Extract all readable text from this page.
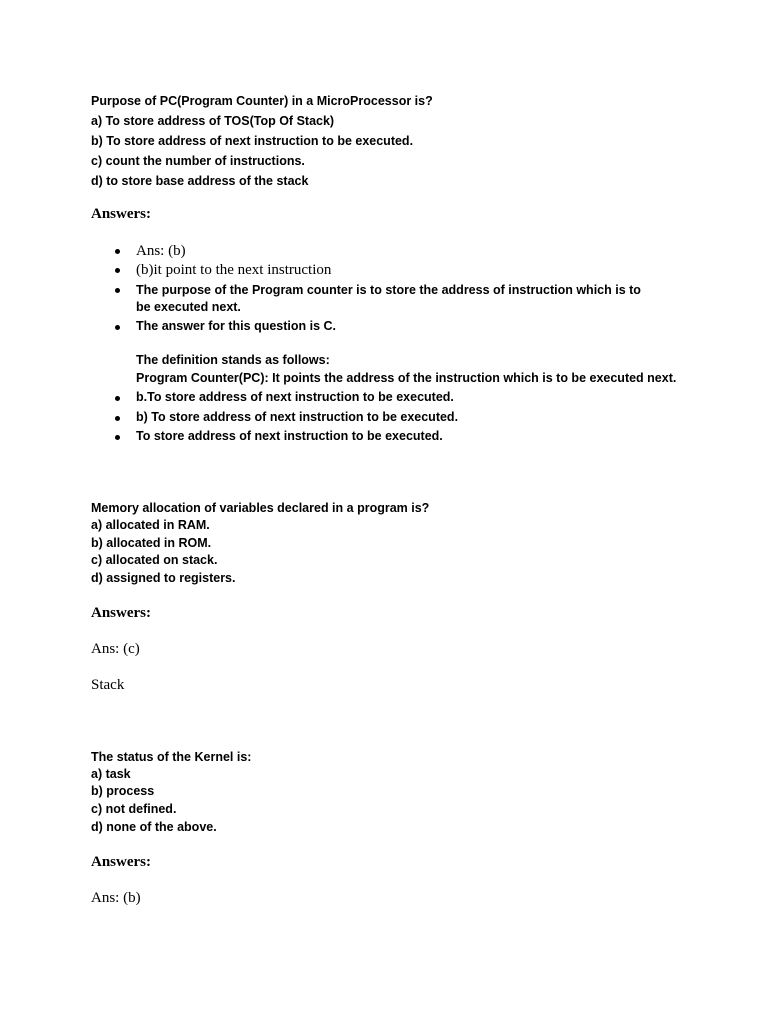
Purpose of PC(Program Counter) in a MicroProcessor is?
a) To store address of TOS(Top Of Stack)
b) To store address of next instruction to be executed.
c) count the number of instructions.
d) to store base address of the stack
Answers:
Ans: (b)
(b)it point to the next instruction
The purpose of the Program counter is to store the address of instruction which is to be executed next.
The answer for this question is C.
The definition stands as follows:
Program Counter(PC): It points the address of the instruction which is to be executed next.
b.To store address of next instruction to be executed.
b) To store address of next instruction to be executed.
To store address of next instruction to be executed.
Memory allocation of variables declared in a program is?
a) allocated in RAM.
b) allocated in ROM.
c) allocated on stack.
d) assigned to registers.
Answers:
Ans: (c)
Stack
The status of the Kernel is:
a) task
b) process
c) not defined.
d) none of the above.
Answers:
Ans: (b)
